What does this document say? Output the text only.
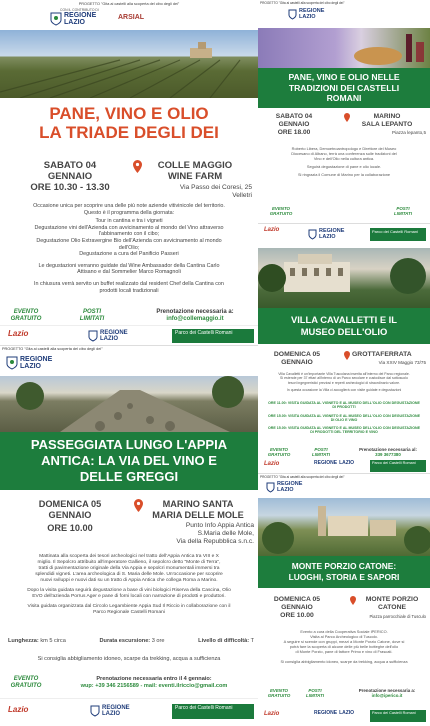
PROGETTO "Gita ai castelli alla scoperta del cibo degli dei"
CON IL CONTRIBUTO DI
REGIONE
LAZIO
ARSIAL
PANE, VINO E OLIO
LA TRIADE DEGLI DEI
SABATO 04
GENNAIO
ORE 10.30 - 13.30
COLLE MAGGIO
WINE FARM
Via Passo dei Coresi, 25
Velletri
Occasione unica per scoprire una delle più note aziende vitivinicole del territorio.
Questo è il programma della giornata:
Tour in cantina e tra i vigneti
Degustazione vini dell'Azienda con avvicinamento al mondo del Vino attraverso
l'abbinamento con il cibo;
Degustazione Olio Extravergine Bio dell'Azienda con avvicinamento al mondo
dell'Olio;
Degustazione a cura del Panificio Passeri
Le degustazioni verranno guidate dal Wine Ambassador della Cantina Carlo
Attisano e dal Sommelier Marco Romagnoli
In chiusura verrà servito un buffet realizzato dal resident Chef della Cantina con
prodotti locali tradizionali
EVENTO
GRATUITO
POSTI
LIMITATI
Prenotazione necessaria a:
info@collemaggio.it
Lazio	REGIONE
LAZIO
Parco dei Castelli Romani
PROGETTO "Gita ai castelli alla scoperta del cibo degli dei"
REGIONE
LAZIO
PANE, VINO E OLIO NELLE
TRADIZIONI DEI CASTELLI
ROMANI
SABATO 04
GENNAIO
ORE 18.00
MARINO
SALA LEPANTO
Piazza lepanto,5
Roberto Libera, Demoetnoantropologo e Direttore del Museo
Diocesano di Albano, terrà una conferenza sulle tradizioni del
Vino e dell'Olio nella cultura antica.
Seguirà degustazione di pane e olio locale.
Si ringrazia il Comune di Marino per la collaborazione
EVENTO
GRATUITO
POSTI
LIMITATI
Lazio	REGIONE
LAZIO
Parco dei Castelli Romani
VILLA CAVALLETTI E IL
MUSEO DELL'OLIO
DOMENICA 05
GENNAIO
GROTTAFERRATA
Via XXIV Maggio 73/75
Villa Cavalletti è un'importante Villa Tuscolana inserita all'interno del Parco regionale.
Si estende per 37 ettari all'interno di un Parco secolare e custodisce dal sottosuolo
tesori ingegneristici preziosi e reperti archeologici di straordinario valore.
In questa occasione la Villa ci accoglierà con visite guidate e degustazioni
ORE 11.00: VISITA GUIDATA AL VIGNETO E AL MUSEO DELL'OLIO CON DEGUSTAZIONE DI PRODOTTI
ORE 15.00: VISITA GUIDATA AL VIGNETO E AL MUSEO DELL'OLIO CON DEGUSTAZIONE DI OLIO E VINO
ORE 15.00: VISITA GUIDATA AL VIGNETO E AL MUSEO DELL'OLIO CON DEGUSTAZIONE DI PRODOTTI DEL TERRITORIO E VINO
EVENTO
GRATUITO
POSTI
LIMITATI
Prenotazione necessaria al:
339 3677380
Lazio	REGIONE LAZIO	Parco dei Castelli Romani
PROGETTO "Gita ai castelli alla scoperta del cibo degli dei"
REGIONE
LAZIO
PASSEGGIATA LUNGO L'APPIA
ANTICA: LA VIA DEL VINO E
DELLE GREGGI
DOMENICA 05
GENNAIO
ORE 10.00
MARINO SANTA
MARIA DELLE MOLE
Punto Info Appia Antica
S.Maria delle Mole,
Via della Repubblica s.n.c.
Mattinata alla scoperta dei tesori archeologici nel tratto dell'Appia Antica tra VIII e X
miglio. Il Sepolcro attribuito all'imperatore Gallieno, il sepolcro detto "Monte di Terra",
tratti di pavimentazione originale della Via Appia e sepolcri monumentali immersi tra
splendidi vigneti. L'area archeologica di S. Maria delle Mole. Un'occasione per scoprire
nuovi sviluppi e nuovi dati su un tratto di Appia Antica che collega Roma a Marino.
Dopo la visita guidata seguirà degustazione a base di vini biologici Riserva della Cascina, Olio
EVO dell'azienda Porrus Ager e pane di forni locali con narrazione di prodotti e produttori.
Visita guidata organizzata dal Circolo Legambiente Appia Sud Il Riccio in collaborazione con il
Parco Regionale Castelli Romani
Lunghezza: km 5 circa	Durata escursione: 3 ore	Livello di difficoltà: T
Si consiglia abbigliamento idoneo, scarpe da trekking, acqua a sufficienza
EVENTO
GRATUITO
Prenotazione necessaria entro il 4 gennaio:
wup: +39 346 2156589 - mail: eventi.ilriccio@gmail.com
Lazio	REGIONE
LAZIO
Parco dei Castelli Romani
PROGETTO "Gita ai castelli alla scoperta del cibo degli dei"
REGIONE
LAZIO
MONTE PORZIO CATONE:
LUOGHI, STORIA E SAPORI
DOMENICA 05
GENNAIO
ORE 10.00
MONTE PORZIO
CATONE
Piazza parrocchiale di Tusculo
Evento a cura della Cooperativa Sociale IPERICO.
Visita al Parco Archeologico di Tuscolo.
A seguire si scende con gruppi, mezzi a Monte Porzio Catone, dove si
potrà fare la scoperta di alcune delle più belle botteghe dell'olio
di Monte Porzio, pane di fattore Primo e vino di Frascati.
Si consiglia abbigliamento idoneo, scarpe da trekking, acqua a sufficienza
EVENTO
GRATUITO
POSTI
LIMITATI
Prenotazione necessaria a:
info@iperico.it
Lazio	REGIONE LAZIO	Parco dei Castelli Romani
